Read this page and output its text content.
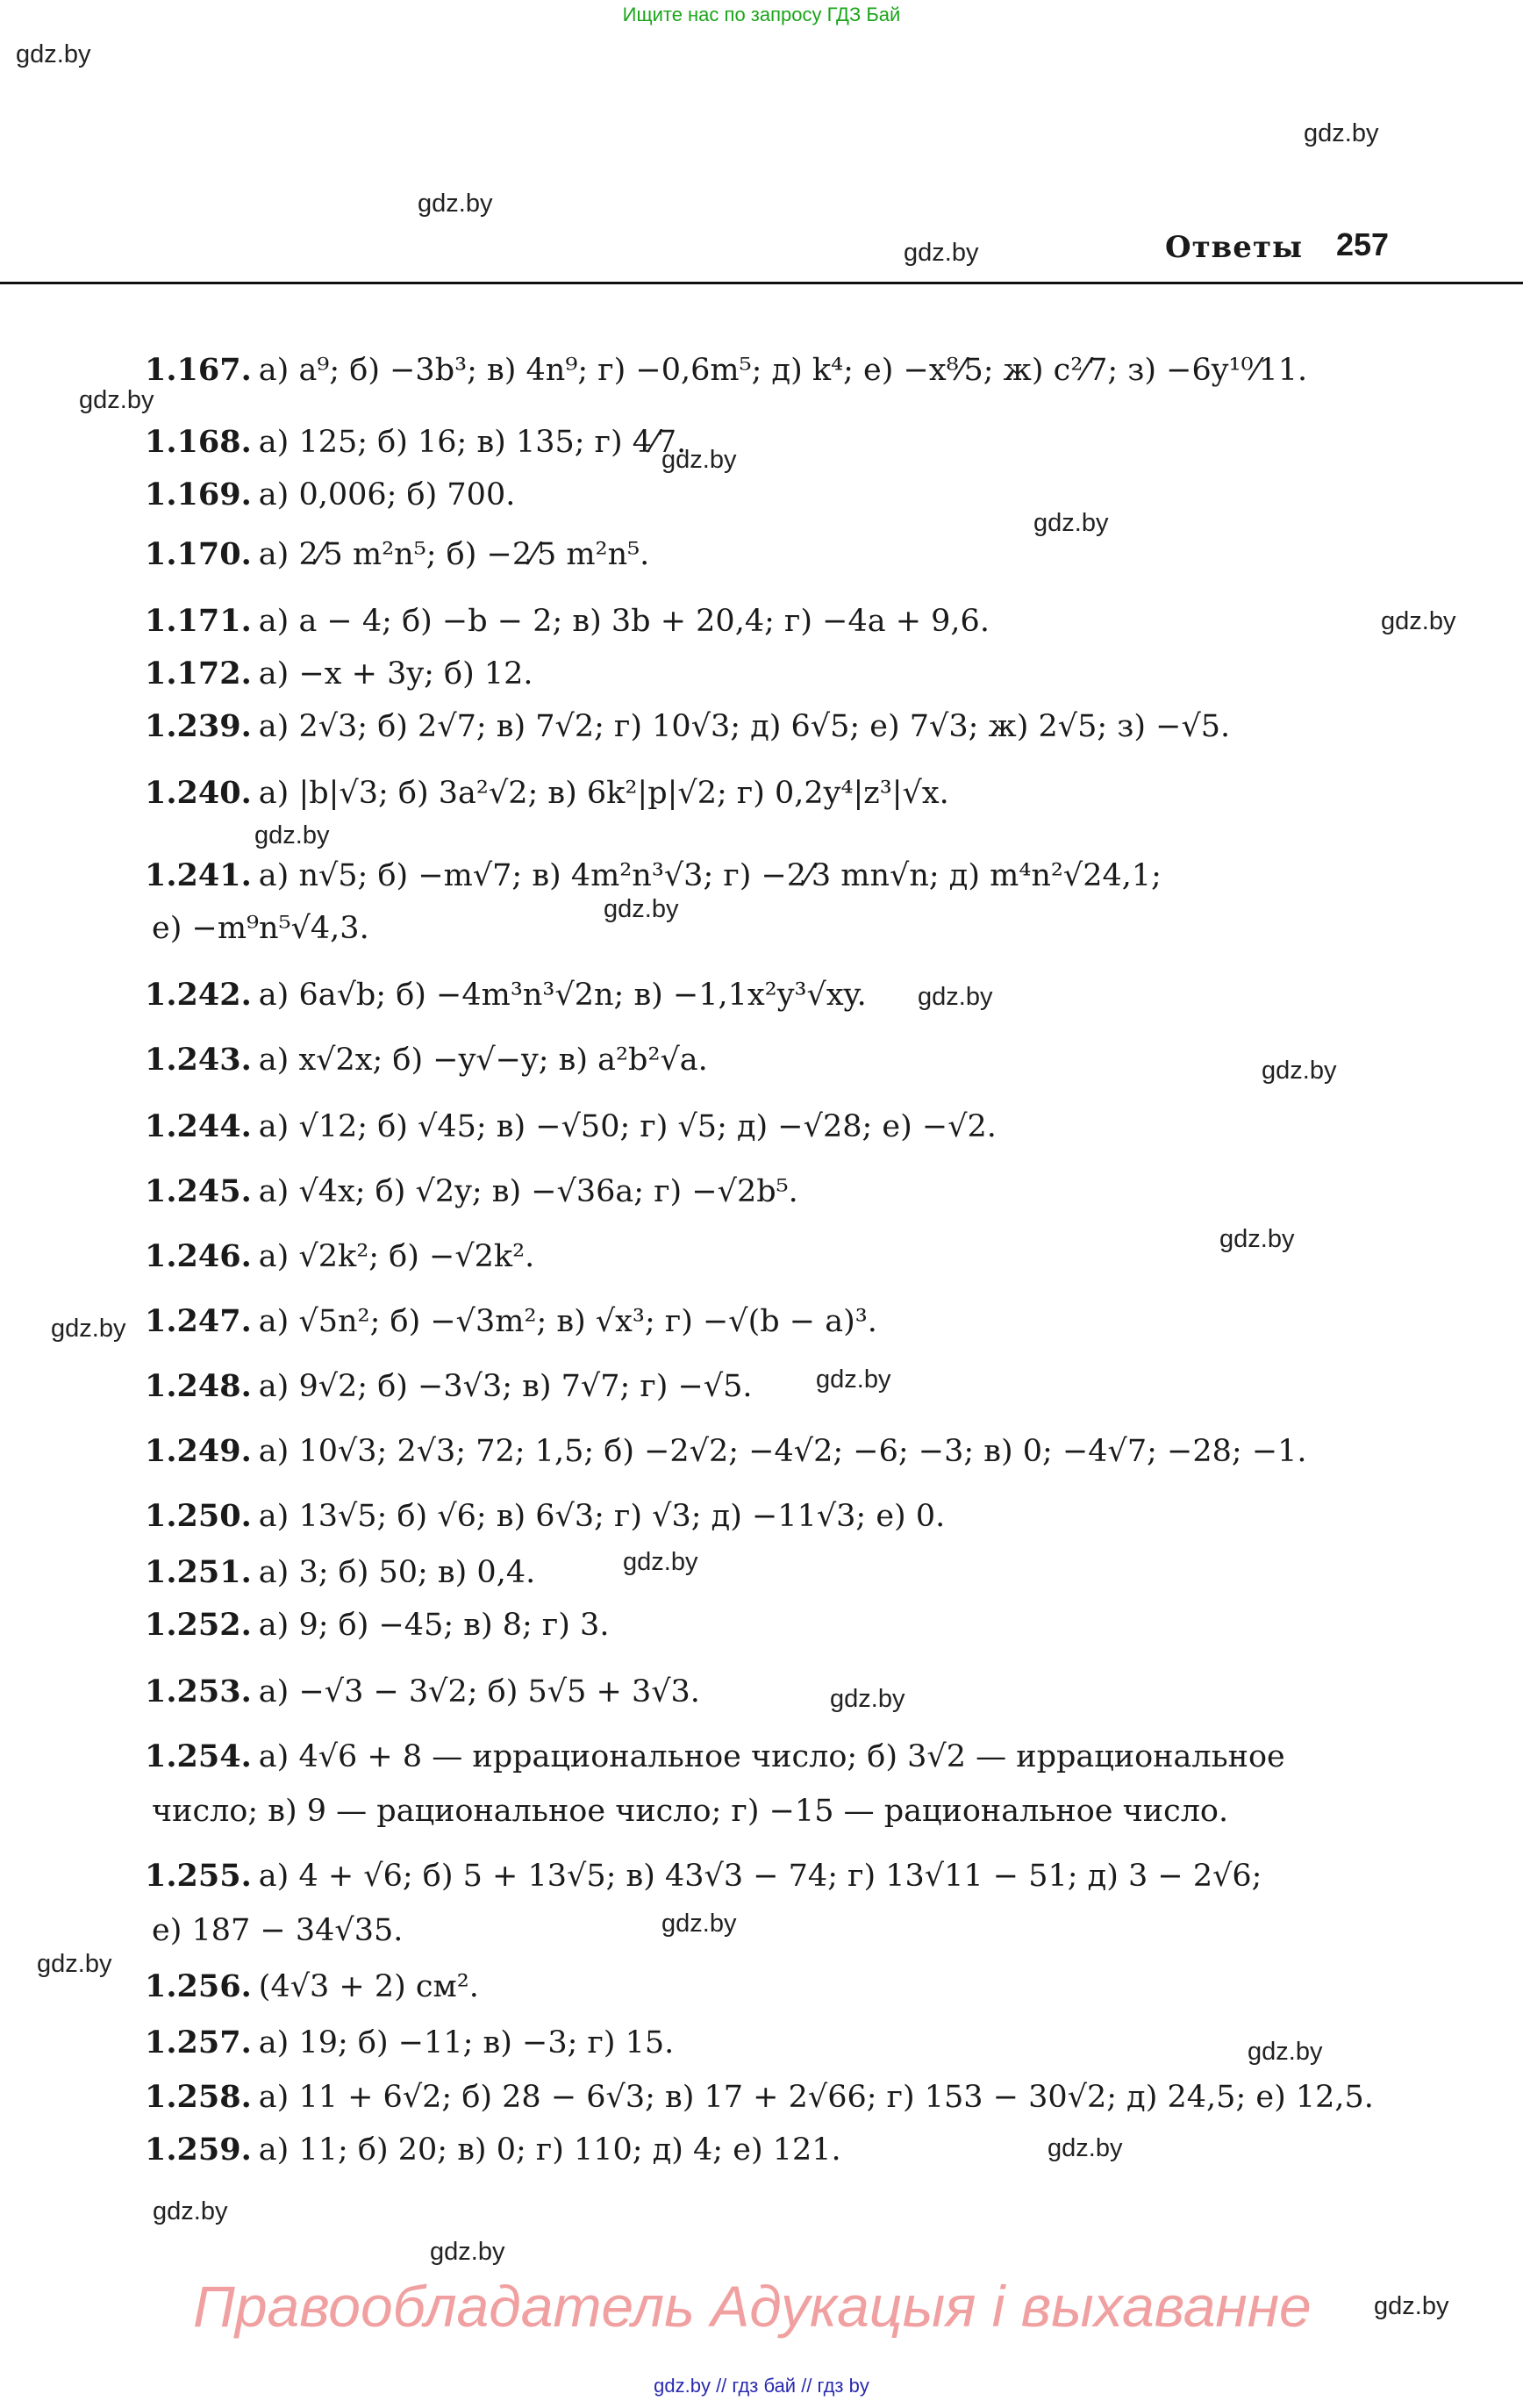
Ищите нас по запросу ГДЗ Бай
gdz.by
gdz.by
gdz.by
gdz.by
gdz.by
gdz.by
gdz.by
gdz.by
gdz.by
gdz.by
gdz.by
gdz.by
gdz.by
gdz.by
gdz.by
gdz.by
gdz.by
gdz.by
gdz.by
gdz.by
gdz.by
gdz.by
gdz.by
gdz.by
Ответы 257
1.167. а) a⁹; б) −3b³; в) 4n⁹; г) −0,6m⁵; д) k⁴; е) −x⁸⁄5; ж) c²⁄7; з) −6y¹⁰⁄11.
1.168. а) 125; б) 16; в) 135; г) 4⁄7.
1.169. а) 0,006; б) 700.
1.170. а) 2⁄5 m²n⁵; б) −2⁄5 m²n⁵.
1.171. а) a − 4; б) −b − 2; в) 3b + 20,4; г) −4a + 9,6.
1.172. а) −x + 3y; б) 12.
1.239. а) 2√3; б) 2√7; в) 7√2; г) 10√3; д) 6√5; е) 7√3; ж) 2√5; з) −√5.
1.240. а) |b|√3; б) 3a²√2; в) 6k²|p|√2; г) 0,2y⁴|z³|√x.
1.241. а) n√5; б) −m√7; в) 4m²n³√3; г) −2⁄3 mn√n; д) m⁴n²√24,1;
е) −m⁹n⁵√4,3.
1.242. а) 6a√b; б) −4m³n³√2n; в) −1,1x²y³√xy.
1.243. а) x√2x; б) −y√−y; в) a²b²√a.
1.244. а) √12; б) √45; в) −√50; г) √5; д) −√28; е) −√2.
1.245. а) √4x; б) √2y; в) −√36a; г) −√2b⁵.
1.246. а) √2k²; б) −√2k².
1.247. а) √5n²; б) −√3m²; в) √x³; г) −√(b − a)³.
1.248. а) 9√2; б) −3√3; в) 7√7; г) −√5.
1.249. а) 10√3; 2√3; 72; 1,5; б) −2√2; −4√2; −6; −3; в) 0; −4√7; −28; −1.
1.250. а) 13√5; б) √6; в) 6√3; г) √3; д) −11√3; е) 0.
1.251. а) 3; б) 50; в) 0,4.
1.252. а) 9; б) −45; в) 8; г) 3.
1.253. а) −√3 − 3√2; б) 5√5 + 3√3.
1.254. а) 4√6 + 8 — иррациональное число; б) 3√2 — иррациональное
число; в) 9 — рациональное число; г) −15 — рациональное число.
1.255. а) 4 + √6; б) 5 + 13√5; в) 43√3 − 74; г) 13√11 − 51; д) 3 − 2√6;
е) 187 − 34√35.
1.256. (4√3 + 2) см².
1.257. а) 19; б) −11; в) −3; г) 15.
1.258. а) 11 + 6√2; б) 28 − 6√3; в) 17 + 2√66; г) 153 − 30√2; д) 24,5; е) 12,5.
1.259. а) 11; б) 20; в) 0; г) 110; д) 4; е) 121.
Правообладатель Адукацыя і выхаванне
gdz.by // гдз бай // гдз by
